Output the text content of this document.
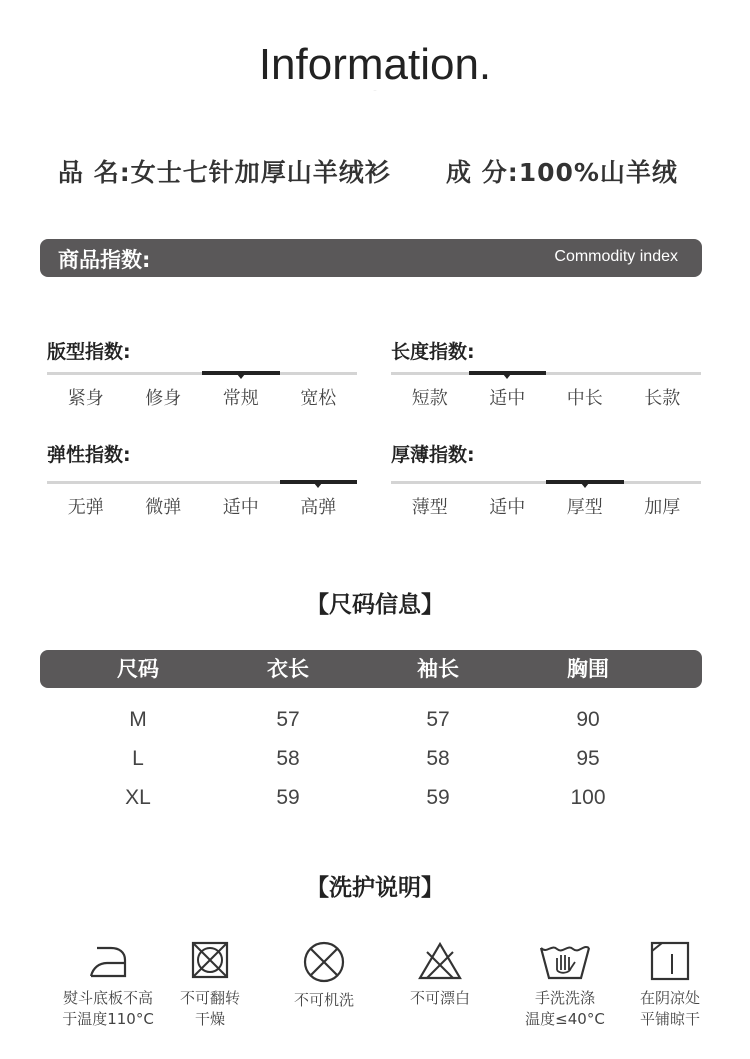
Information.
—
品 名:女士七针加厚山羊绒衫 成 分:100%山羊绒
商品指数:	Commodity index
版型指数:
紧身	修身	常规	宽松
长度指数:
短款	适中	中长	长款
弹性指数:
无弹	微弹	适中	高弹
厚薄指数:
薄型	适中	厚型	加厚
【尺码信息】
尺码	衣长	袖长	胸围
M	57	57	90
L	58	58	95
XL	59	59	100
【洗护说明】
熨斗底板不高
于温度110°C
不可翻转
干燥
不可机洗	不可漂白	手洗洗涤
温度≤40°C
在阴凉处
平铺晾干
